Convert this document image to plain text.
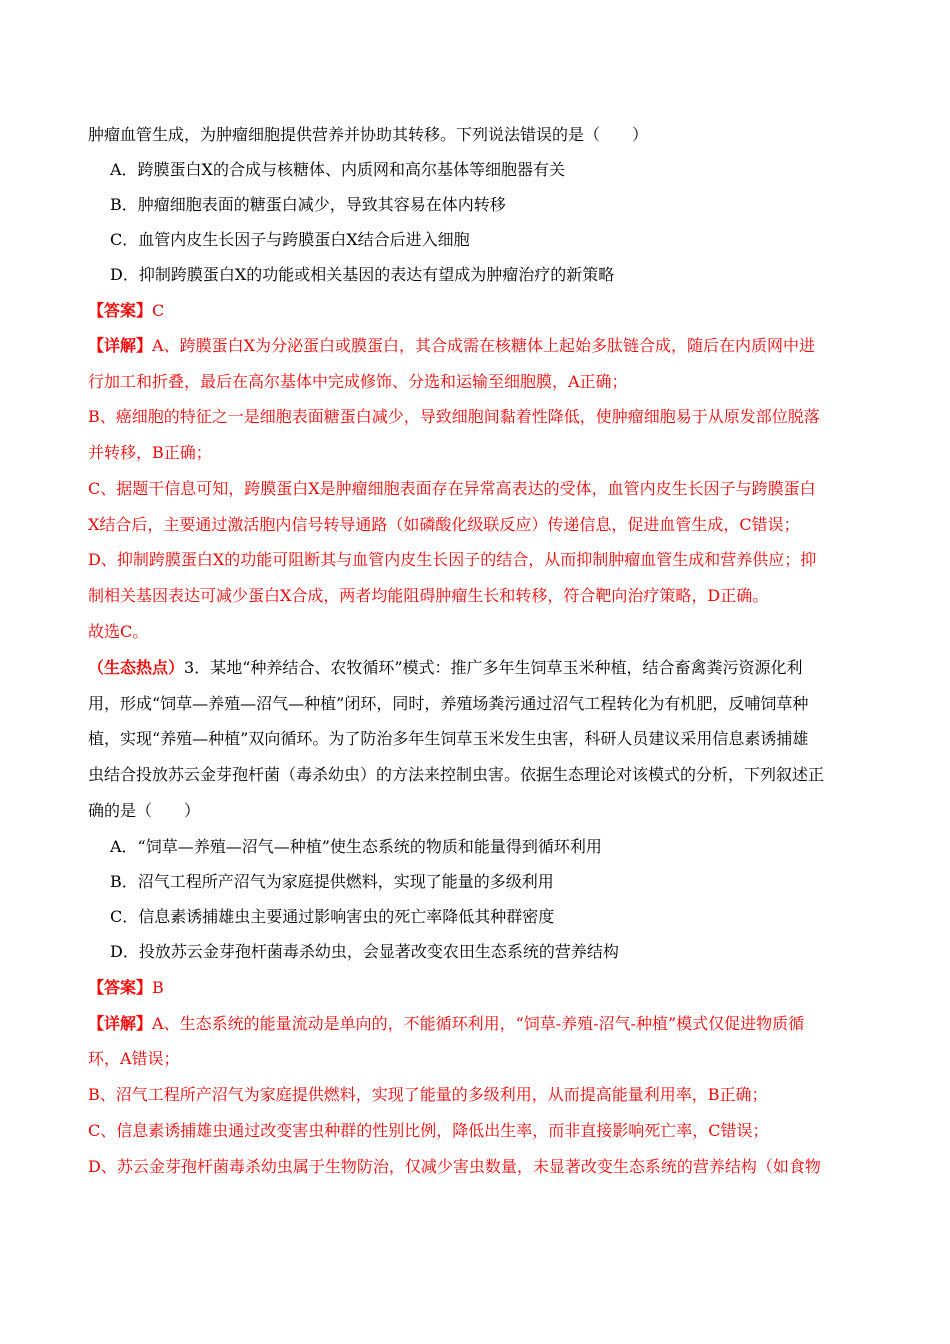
肿瘤血管生成，为肿瘤细胞提供营养并协助其转移。下列说法错误的是（　　）
A．跨膜蛋白X的合成与核糖体、内质网和高尔基体等细胞器有关
B．肿瘤细胞表面的糖蛋白减少，导致其容易在体内转移
C．血管内皮生长因子与跨膜蛋白X结合后进入细胞
D．抑制跨膜蛋白X的功能或相关基因的表达有望成为肿瘤治疗的新策略
【答案】C
【详解】A、跨膜蛋白X为分泌蛋白或膜蛋白，其合成需在核糖体上起始多肽链合成，随后在内质网中进
行加工和折叠，最后在高尔基体中完成修饰、分选和运输至细胞膜，A正确；
B、癌细胞的特征之一是细胞表面糖蛋白减少，导致细胞间黏着性降低，使肿瘤细胞易于从原发部位脱落
并转移，B正确；
C、据题干信息可知，跨膜蛋白X是肿瘤细胞表面存在异常高表达的受体，血管内皮生长因子与跨膜蛋白
X结合后，主要通过激活胞内信号转导通路（如磷酸化级联反应）传递信息，促进血管生成，C错误；
D、抑制跨膜蛋白X的功能可阻断其与血管内皮生长因子的结合，从而抑制肿瘤血管生成和营养供应；抑
制相关基因表达可减少蛋白X合成，两者均能阻碍肿瘤生长和转移，符合靶向治疗策略，D正确。
故选C。
（生态热点）3．某地“种养结合、农牧循环”模式：推广多年生饲草玉米种植，结合畜禽粪污资源化利
用，形成“饲草—养殖—沼气—种植”闭环，同时，养殖场粪污通过沼气工程转化为有机肥，反哺饲草种
植，实现“养殖—种植”双向循环。为了防治多年生饲草玉米发生虫害，科研人员建议采用信息素诱捕雄
虫结合投放苏云金芽孢杆菌（毒杀幼虫）的方法来控制虫害。依据生态理论对该模式的分析，下列叙述正
确的是（　　）
A．“饲草—养殖—沼气—种植”使生态系统的物质和能量得到循环利用
B．沼气工程所产沼气为家庭提供燃料，实现了能量的多级利用
C．信息素诱捕雄虫主要通过影响害虫的死亡率降低其种群密度
D．投放苏云金芽孢杆菌毒杀幼虫，会显著改变农田生态系统的营养结构
【答案】B
【详解】A、生态系统的能量流动是单向的，不能循环利用，“饲草-养殖-沼气-种植”模式仅促进物质循
环，A错误；
B、沼气工程所产沼气为家庭提供燃料，实现了能量的多级利用，从而提高能量利用率，B正确；
C、信息素诱捕雄虫通过改变害虫种群的性别比例，降低出生率，而非直接影响死亡率，C错误；
D、苏云金芽孢杆菌毒杀幼虫属于生物防治，仅减少害虫数量，未显著改变生态系统的营养结构（如食物
